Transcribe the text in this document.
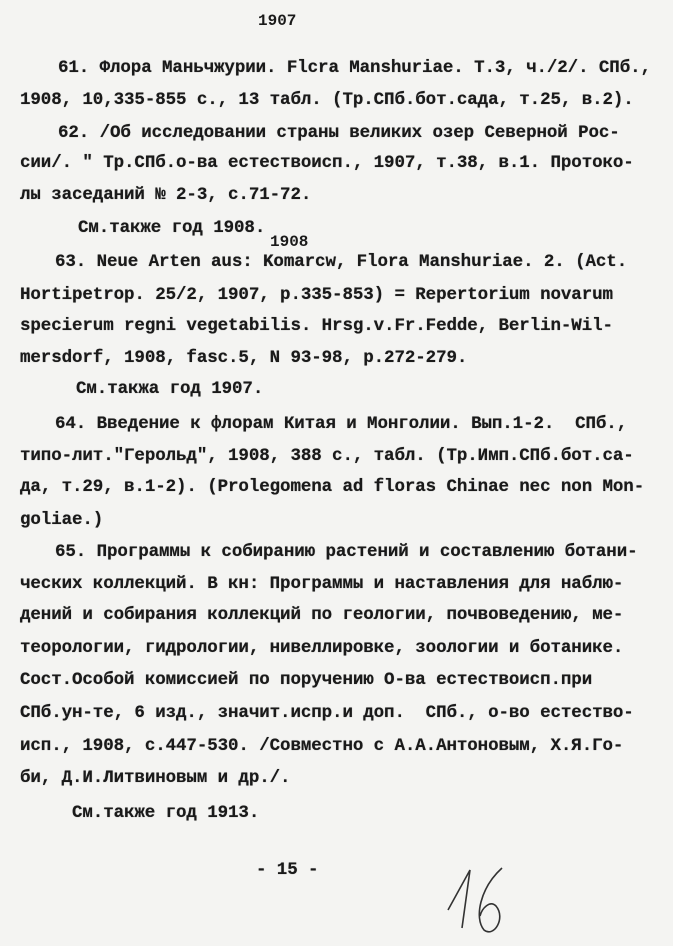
1907
61. Флора Маньчжурии. Flcra Manshuriae. Т.3, ч./2/. СПб.,
1908, 10,335-855 с., 13 табл. (Тр.СПб.бот.сада, т.25, в.2).
62. /Об исследовании страны великих озер Северной Рос-
сии/. " Тр.СПб.о-ва естествоисп., 1907, т.38, в.1. Протоко-
лы заседаний № 2-3, с.71-72.
См.также год 1908.
1908
63. Neue Arten aus: Komarcw, Flora Manshuriae. 2. (Act.
Hortipetrop. 25/2, 1907, p.335-853) = Repertorium novarum
specierum regni vegetabilis. Hrsg.v.Fr.Fedde, Berlin-Wil-
mersdorf, 1908, fasc.5, N 93-98, p.272-279.
См.такжа год 1907.
64. Введение к флорам Китая и Монголии. Вып.1-2.  СПб.,
типо-лит."Герольд", 1908, 388 с., табл. (Тр.Имп.СПб.бот.са-
да, т.29, в.1-2). (Prolegomena ad floras Chinae nec non Mon-
goliae.)
65. Программы к собиранию растений и составлению ботани-
ческих коллекций. В кн: Программы и наставления для наблю-
дений и собирания коллекций по геологии, почвоведению, ме-
теорологии, гидрологии, нивеллировке, зоологии и ботанике.
Сост.Особой комиссией по поручению О-ва естествоисп.при
СПб.ун-те, 6 изд., значит.испр.и доп.  СПб., о-во естество-
исп., 1908, с.447-530. /Совместно с А.А.Антоновым, Х.Я.Го-
би, Д.И.Литвиновым и др./.
См.также год 1913.
- 15 -
